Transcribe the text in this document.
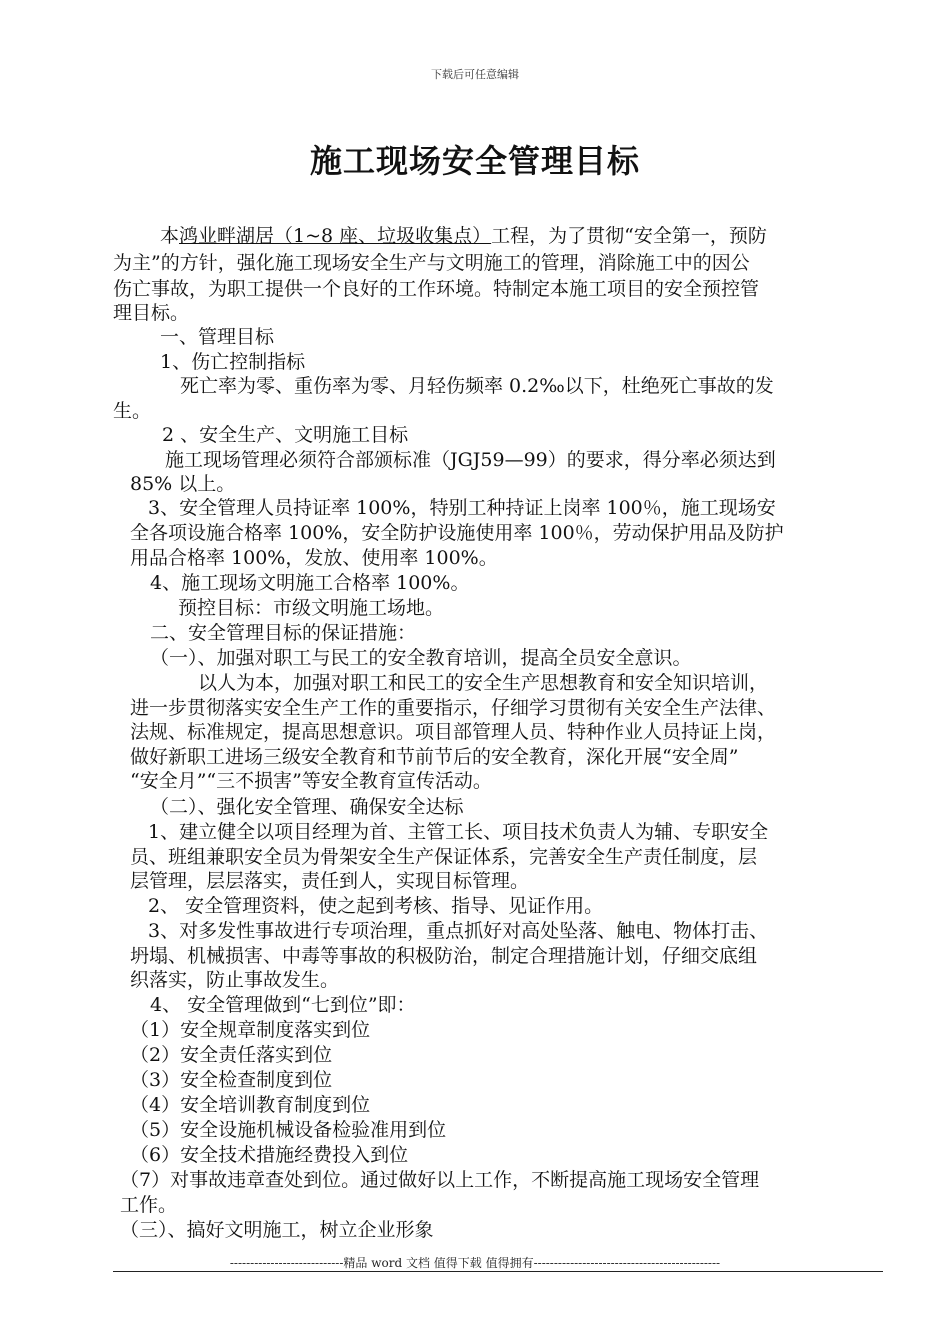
下载后可任意编辑
施工现场安全管理目标
本鸿业畔湖居（1~8 座、垃圾收集点）工程，为了贯彻“安全第一，预防
为主”的方针，强化施工现场安全生产与文明施工的管理，消除施工中的因公
伤亡事故，为职工提供一个良好的工作环境。特制定本施工项目的安全预控管
理目标。
一、管理目标
1、伤亡控制指标
死亡率为零、重伤率为零、月轻伤频率 0.2‰以下，杜绝死亡事故的发
生。
2 、安全生产、文明施工目标
施工现场管理必须符合部颁标准（JGJ59—99）的要求，得分率必须达到
85% 以上。
3、安全管理人员持证率 100%，特别工种持证上岗率 100％，施工现场安
全各项设施合格率 100%，安全防护设施使用率 100％，劳动保护用品及防护
用品合格率 100%，发放、使用率 100%。
4、施工现场文明施工合格率 100%。
预控目标：市级文明施工场地。
二、安全管理目标的保证措施：
（一）、加强对职工与民工的安全教育培训，提高全员安全意识。
以人为本，加强对职工和民工的安全生产思想教育和安全知识培训，
进一步贯彻落实安全生产工作的重要指示，仔细学习贯彻有关安全生产法律、
法规、标准规定，提高思想意识。项目部管理人员、特种作业人员持证上岗，
做好新职工进场三级安全教育和节前节后的安全教育，深化开展“安全周”
“安全月”“三不损害”等安全教育宣传活动。
（二）、强化安全管理、确保安全达标
1、建立健全以项目经理为首、主管工长、项目技术负责人为辅、专职安全
员、班组兼职安全员为骨架安全生产保证体系，完善安全生产责任制度，层
层管理，层层落实，责任到人，实现目标管理。
2、 安全管理资料，使之起到考核、指导、见证作用。
3、对多发性事故进行专项治理，重点抓好对高处坠落、触电、物体打击、
坍塌、机械损害、中毒等事故的积极防治，制定合理措施计划，仔细交底组
织落实，防止事故发生。
4、 安全管理做到“七到位”即：
（1）安全规章制度落实到位
（2）安全责任落实到位
（3）安全检查制度到位
（4）安全培训教育制度到位
（5）安全设施机械设备检验准用到位
（6）安全技术措施经费投入到位
（7）对事故违章查处到位。通过做好以上工作，不断提高施工现场安全管理
工作。
（三）、搞好文明施工，树立企业形象
----------------------------精品 word 文档 值得下载 值得拥有----------------------------------------------
